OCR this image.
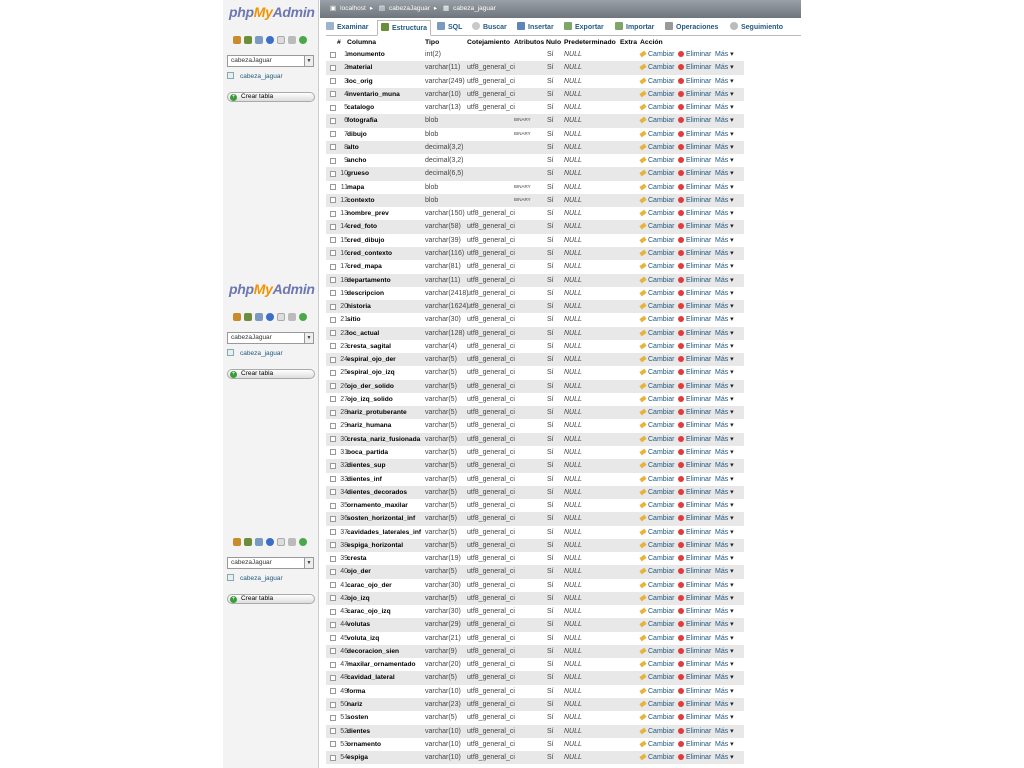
phpMyAdmin
cabezaJaguar	▼
cabeza_jaguar
+ Crear tabla
phpMyAdmin
cabezaJaguar	▼
cabeza_jaguar
+ Crear tabla
cabezaJaguar	▼
cabeza_jaguar
+ Crear tabla
▣ localhost ▸ ▤ cabezaJaguar ▸ ▦ cabeza_jaguar
Examinar	Estructura	SQL	Buscar	Insertar	Exportar	Importar	Operaciones	Seguimiento
# Columna	Tipo	Cotejamiento Atributos Nulo Predeterminado Extra Acción
1 monumento	int(2)	Sí NULL	Cambiar	Eliminar Más ▾
2 material	varchar(11) utf8_general_ci	Sí NULL	Cambiar	Eliminar Más ▾
3 loc_orig	varchar(249) utf8_general_ci	Sí NULL	Cambiar	Eliminar Más ▾
4 inventario_muna	varchar(10) utf8_general_ci	Sí NULL	Cambiar	Eliminar Más ▾
5 catalogo	varchar(13) utf8_general_ci	Sí NULL	Cambiar	Eliminar Más ▾
6 fotografia	blob	BINARY Sí NULL	Cambiar	Eliminar Más ▾
7 dibujo	blob	BINARY Sí NULL	Cambiar	Eliminar Más ▾
8 alto	decimal(3,2)	Sí NULL	Cambiar	Eliminar Más ▾
9 ancho	decimal(3,2)	Sí NULL	Cambiar	Eliminar Más ▾
10 grueso	decimal(6,5)	Sí NULL	Cambiar	Eliminar Más ▾
11 mapa	blob	BINARY Sí NULL	Cambiar	Eliminar Más ▾
12 contexto	blob	BINARY Sí NULL	Cambiar	Eliminar Más ▾
13 nombre_prev	varchar(150) utf8_general_ci	Sí NULL	Cambiar	Eliminar Más ▾
14 cred_foto	varchar(58) utf8_general_ci	Sí NULL	Cambiar	Eliminar Más ▾
15 cred_dibujo	varchar(39) utf8_general_ci	Sí NULL	Cambiar	Eliminar Más ▾
16 cred_contexto	varchar(116) utf8_general_ci	Sí NULL	Cambiar	Eliminar Más ▾
17 cred_mapa	varchar(81) utf8_general_ci	Sí NULL	Cambiar	Eliminar Más ▾
18 departamento	varchar(11) utf8_general_ci	Sí NULL	Cambiar	Eliminar Más ▾
19 descripcion	varchar(2418)
utf8_general_ci	Sí NULL	Cambiar	Eliminar Más ▾
20 historia	varchar(1624)
utf8_general_ci	Sí NULL	Cambiar	Eliminar Más ▾
21 sitio	varchar(30) utf8_general_ci	Sí NULL	Cambiar	Eliminar Más ▾
22 loc_actual	varchar(128) utf8_general_ci	Sí NULL	Cambiar	Eliminar Más ▾
23 cresta_sagital	varchar(4) utf8_general_ci	Sí NULL	Cambiar	Eliminar Más ▾
24 espiral_ojo_der	varchar(5) utf8_general_ci	Sí NULL	Cambiar	Eliminar Más ▾
25 espiral_ojo_izq	varchar(5) utf8_general_ci	Sí NULL	Cambiar	Eliminar Más ▾
26 ojo_der_solido	varchar(5) utf8_general_ci	Sí NULL	Cambiar	Eliminar Más ▾
27 ojo_izq_solido	varchar(5) utf8_general_ci	Sí NULL	Cambiar	Eliminar Más ▾
28 nariz_protuberante	varchar(5) utf8_general_ci	Sí NULL	Cambiar	Eliminar Más ▾
29 nariz_humana	varchar(5) utf8_general_ci	Sí NULL	Cambiar	Eliminar Más ▾
30 cresta_nariz_fusionada varchar(5) utf8_general_ci	Sí NULL	Cambiar	Eliminar Más ▾
31 boca_partida	varchar(5) utf8_general_ci	Sí NULL	Cambiar	Eliminar Más ▾
32 dientes_sup	varchar(5) utf8_general_ci	Sí NULL	Cambiar	Eliminar Más ▾
33 dientes_inf	varchar(5) utf8_general_ci	Sí NULL	Cambiar	Eliminar Más ▾
34 dientes_decorados	varchar(5) utf8_general_ci	Sí NULL	Cambiar	Eliminar Más ▾
35 ornamento_maxilar varchar(5) utf8_general_ci	Sí NULL	Cambiar	Eliminar Más ▾
36 sosten_horizontal_inf varchar(5) utf8_general_ci	Sí NULL	Cambiar	Eliminar Más ▾
37 cavidades_laterales_inf varchar(5) utf8_general_ci	Sí NULL	Cambiar	Eliminar Más ▾
38 espiga_horizontal	varchar(5) utf8_general_ci	Sí NULL	Cambiar	Eliminar Más ▾
39 cresta	varchar(19) utf8_general_ci	Sí NULL	Cambiar	Eliminar Más ▾
40 ojo_der	varchar(5) utf8_general_ci	Sí NULL	Cambiar	Eliminar Más ▾
41 carac_ojo_der	varchar(30) utf8_general_ci	Sí NULL	Cambiar	Eliminar Más ▾
42 ojo_izq	varchar(5) utf8_general_ci	Sí NULL	Cambiar	Eliminar Más ▾
43 carac_ojo_izq	varchar(30) utf8_general_ci	Sí NULL	Cambiar	Eliminar Más ▾
44 volutas	varchar(29) utf8_general_ci	Sí NULL	Cambiar	Eliminar Más ▾
45 voluta_izq	varchar(21) utf8_general_ci	Sí NULL	Cambiar	Eliminar Más ▾
46 decoracion_sien	varchar(9) utf8_general_ci	Sí NULL	Cambiar	Eliminar Más ▾
47 maxilar_ornamentado varchar(20) utf8_general_ci	Sí NULL	Cambiar	Eliminar Más ▾
48 cavidad_lateral	varchar(5) utf8_general_ci	Sí NULL	Cambiar	Eliminar Más ▾
49 forma	varchar(10) utf8_general_ci	Sí NULL	Cambiar	Eliminar Más ▾
50 nariz	varchar(23) utf8_general_ci	Sí NULL	Cambiar	Eliminar Más ▾
51 sosten	varchar(5) utf8_general_ci	Sí NULL	Cambiar	Eliminar Más ▾
52 dientes	varchar(10) utf8_general_ci	Sí NULL	Cambiar	Eliminar Más ▾
53 ornamento	varchar(10) utf8_general_ci	Sí NULL	Cambiar	Eliminar Más ▾
54 espiga	varchar(10) utf8_general_ci	Sí NULL	Cambiar	Eliminar Más ▾
